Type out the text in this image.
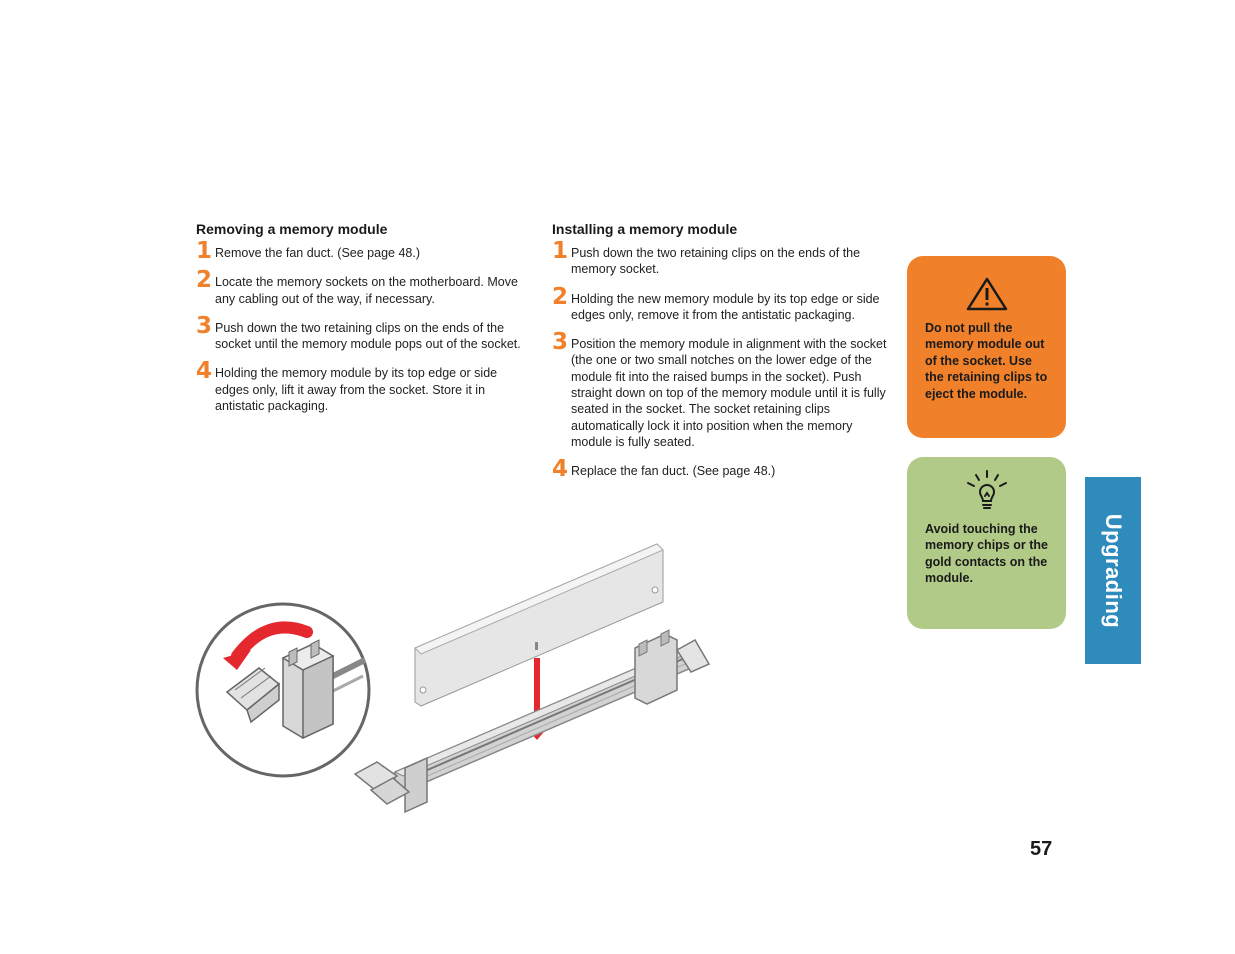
Removing a memory module
1 Remove the fan duct. (See page 48.)
2 Locate the memory sockets on the motherboard. Move any cabling out of the way, if necessary.
3 Push down the two retaining clips on the ends of the socket until the memory module pops out of the socket.
4 Holding the memory module by its top edge or side edges only, lift it away from the socket. Store it in antistatic packaging.
Installing a memory module
1 Push down the two retaining clips on the ends of the memory socket.
2 Holding the new memory module by its top edge or side edges only, remove it from the antistatic packaging.
3 Position the memory module in alignment with the socket (the one or two small notches on the lower edge of the module fit into the raised bumps in the socket). Push straight down on top of the memory module until it is fully seated in the socket. The socket retaining clips automatically lock it into position when the memory module is fully seated.
4 Replace the fan duct. (See page 48.)
Do not pull the memory module out of the socket. Use the retaining clips to eject the module.
Avoid touching the memory chips or the gold contacts on the module.	Upgrading
57
